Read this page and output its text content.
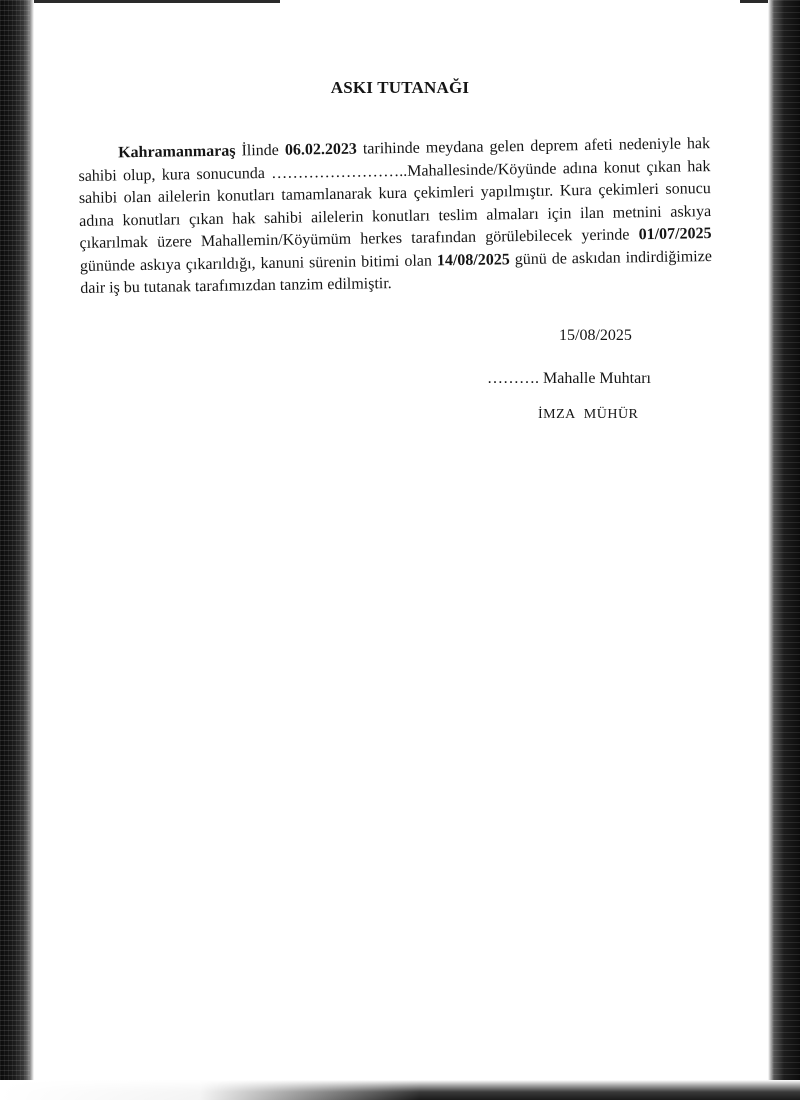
ASKI TUTANAĞI
Kahramanmaraş İlinde 06.02.2023 tarihinde meydana gelen deprem afeti nedeniyle hak sahibi olup, kura sonucunda ……………………..Mahallesinde/Köyünde adına konut çıkan hak sahibi olan ailelerin konutları tamamlanarak kura çekimleri yapılmıştır. Kura çekimleri sonucu adına konutları çıkan hak sahibi ailelerin konutları teslim almaları için ilan metnini askıya çıkarılmak üzere Mahallemin/Köyümüm herkes tarafından görülebilecek yerinde 01/07/2025 gününde askıya çıkarıldığı, kanuni sürenin bitimi olan 14/08/2025 günü de askıdan indirdiğimize dair iş bu tutanak tarafımızdan tanzim edilmiştir.
15/08/2025
………. Mahalle Muhtarı
İMZA MÜHÜR
